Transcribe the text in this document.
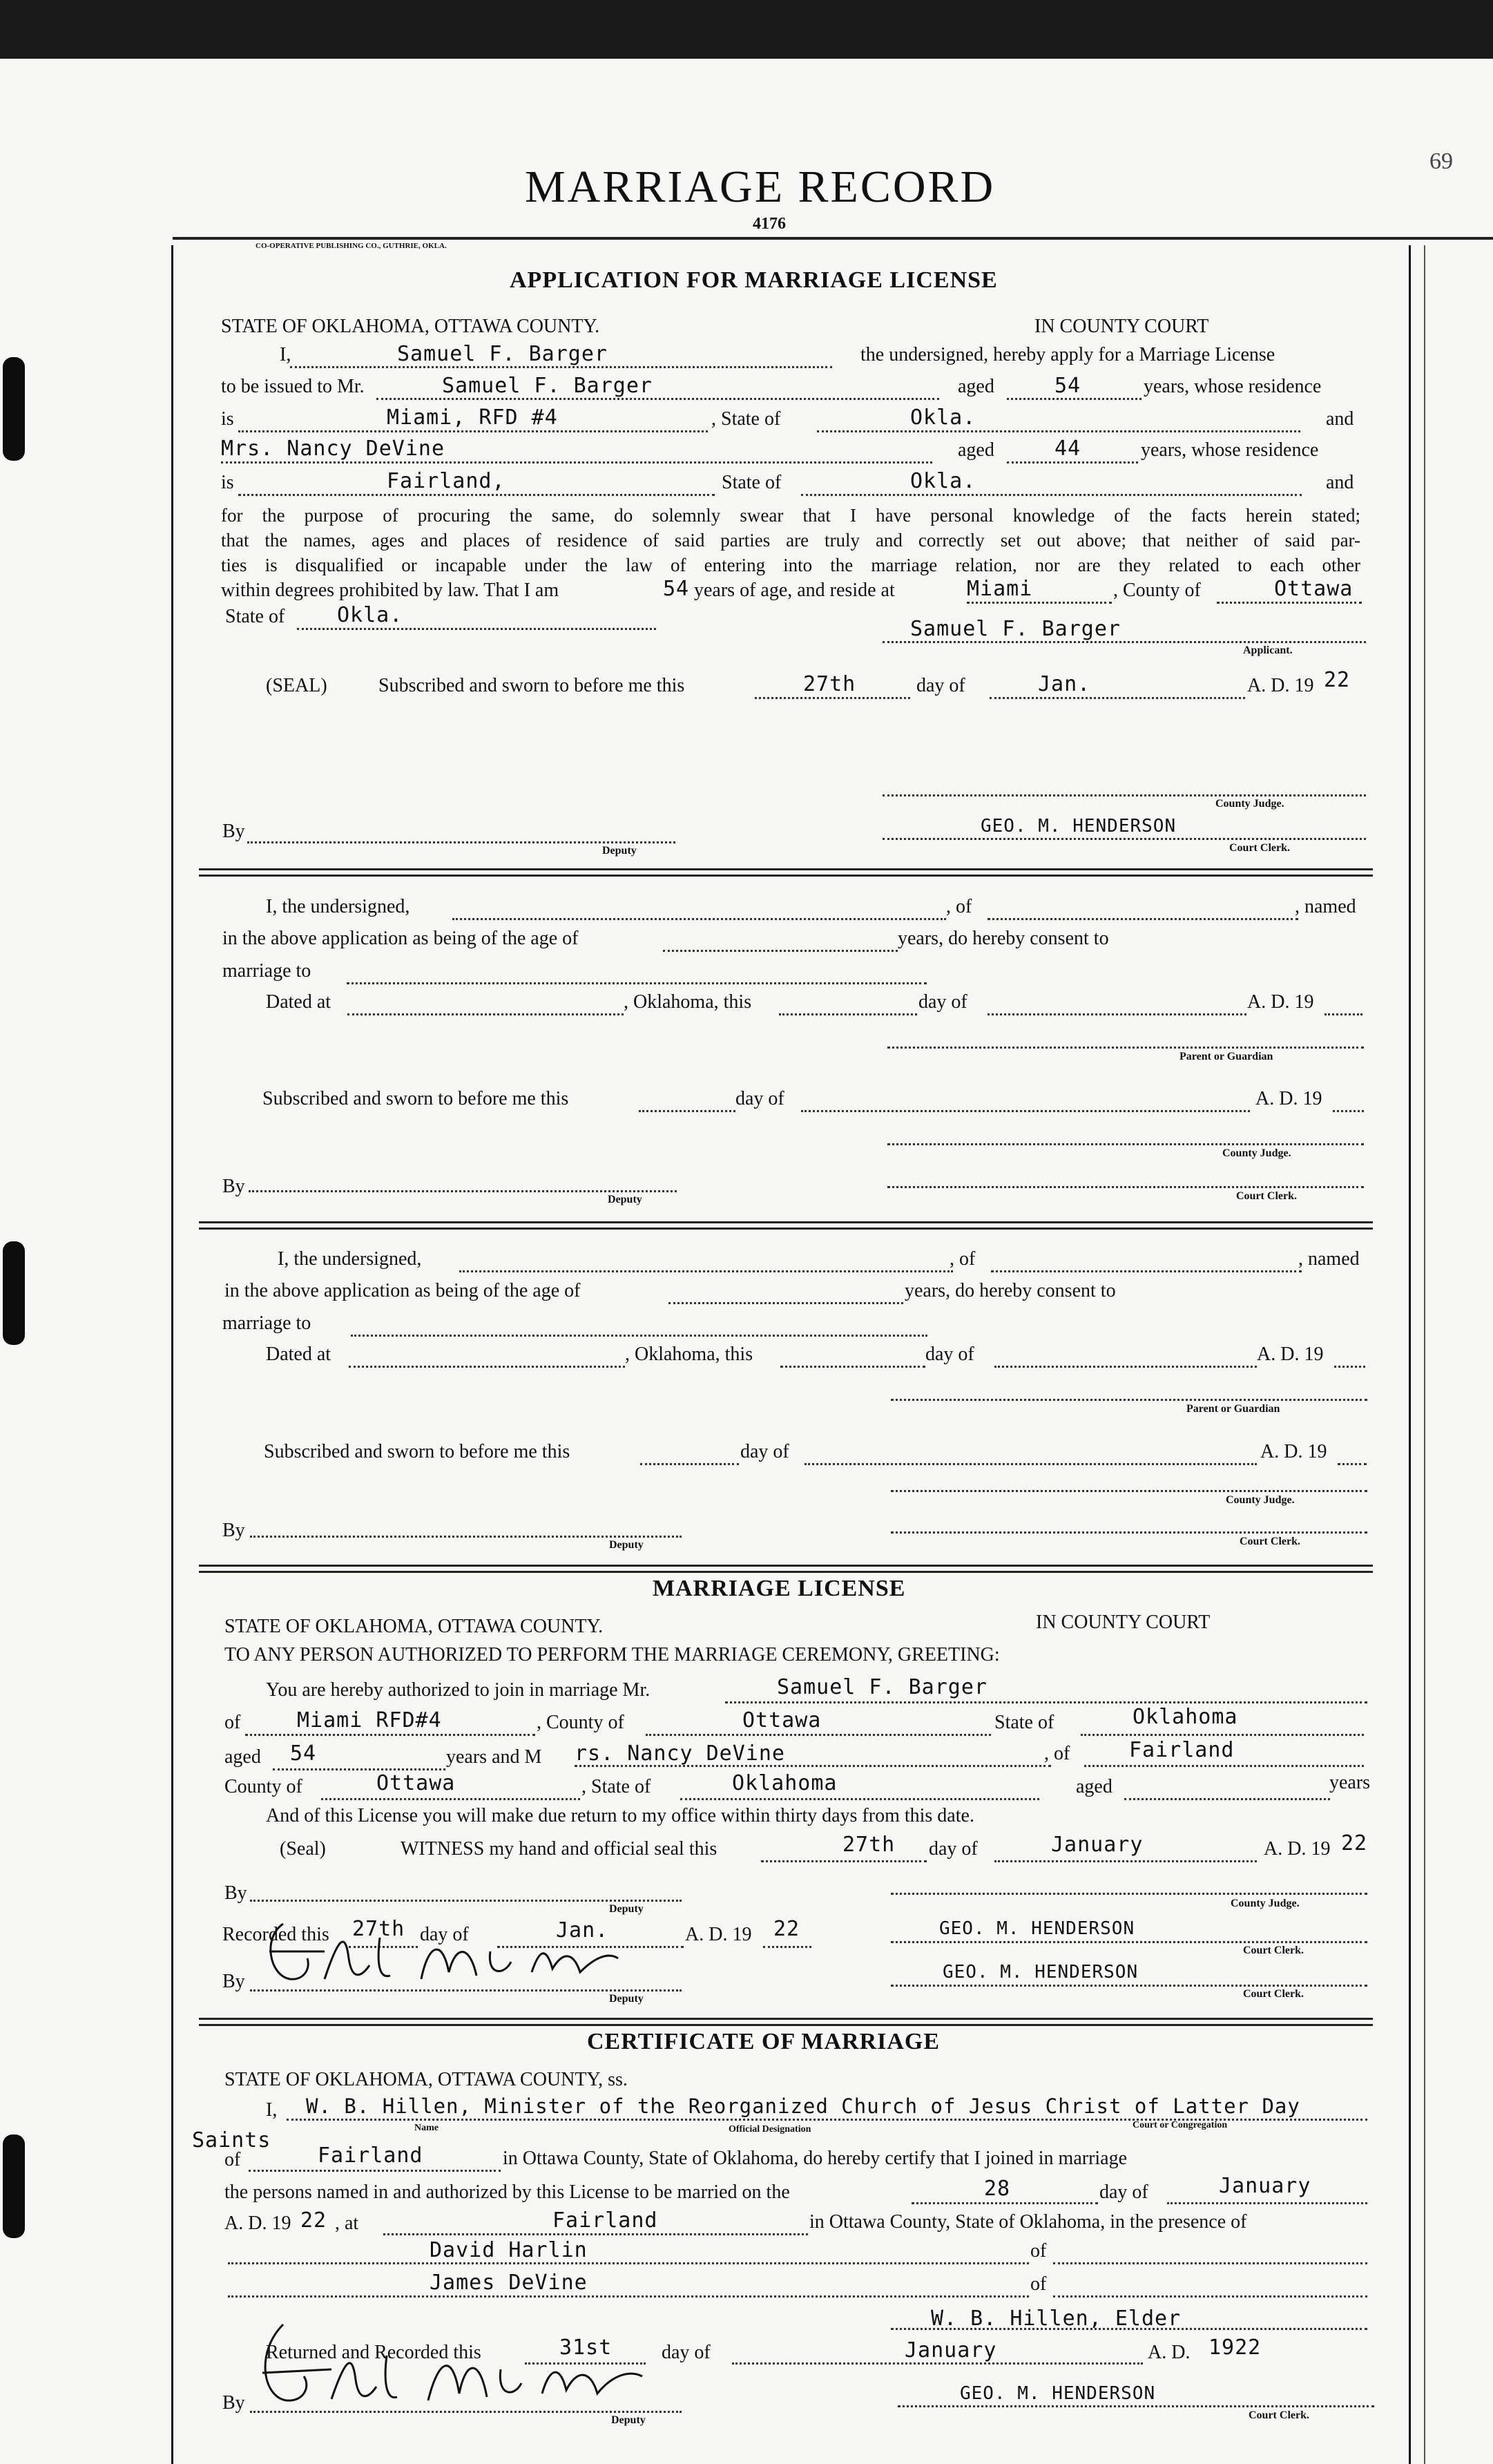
MARRIAGE RECORD
69
4176
CO-OPERATIVE PUBLISHING CO., GUTHRIE, OKLA.
APPLICATION FOR MARRIAGE LICENSE
STATE OF OKLAHOMA, OTTAWA COUNTY.	IN COUNTY COURT
I,	Samuel F. Barger	the undersigned, hereby apply for a Marriage License
to be issued to Mr.	Samuel F. Barger	aged	54	years, whose residence
is	Miami, RFD #4	, State of	Okla.	and
Mrs. Nancy DeVine	aged	44	years, whose residence
is	Fairland,	State of	Okla.	and
for the purpose of procuring the same, do solemnly swear that I have personal knowledge of the facts herein stated;
that the names, ages and places of residence of said parties are truly and correctly set out above; that neither of said par-
ties is disqualified or incapable under the law of entering into the marriage relation, nor are they related to each other
within degrees prohibited by law. That I am	54 years of age, and reside at	Miami	, County of	Ottawa
State of	Okla.
Samuel F. Barger
Applicant.
(SEAL)	Subscribed and sworn to before me this	27th	day of	Jan.	A. D. 19 22
County Judge.
By
Deputy
GEO. M. HENDERSON
Court Clerk.
I, the undersigned,	, of	, named
in the above application as being of the age of	years, do hereby consent to
marriage to
Dated at	, Oklahoma, this	day of	A. D. 19
Parent or Guardian
Subscribed and sworn to before me this	day of	A. D. 19
County Judge.
By
Deputy	Court Clerk.
I, the undersigned,	, of	, named
in the above application as being of the age of	years, do hereby consent to
marriage to
Dated at	, Oklahoma, this	day of	A. D. 19
Parent or Guardian
Subscribed and sworn to before me this	day of	A. D. 19
County Judge.
By
Deputy	Court Clerk.
MARRIAGE LICENSE
STATE OF OKLAHOMA, OTTAWA COUNTY.	IN COUNTY COURT
TO ANY PERSON AUTHORIZED TO PERFORM THE MARRIAGE CEREMONY, GREETING:
You are hereby authorized to join in marriage Mr.	Samuel F. Barger
of	Miami RFD#4	, County of	Ottawa	State of	Oklahoma
aged 54	years and M rs. Nancy DeVine	, of	Fairland
County of	Ottawa	, State of	Oklahoma	aged	years
And of this License you will make due return to my office within thirty days from this date.
(Seal)	WITNESS my hand and official seal this	27th day of	January	A. D. 19 22
By
Deputy	County Judge.
Recorded this 27th day of	Jan.	A. D. 19 22	GEO. M. HENDERSON
Court Clerk.
By
Deputy
GEO. M. HENDERSON
Court Clerk.
CERTIFICATE OF MARRIAGE
STATE OF OKLAHOMA, OTTAWA COUNTY, ss.
I, W. B. Hillen, Minister of the Reorganized Church of Jesus Christ of Latter Day
Name	Official Designation	Court or Congregation
Saints
of	Fairland	in Ottawa County, State of Oklahoma, do hereby certify that I joined in marriage
the persons named in and authorized by this License to be married on the	28	day of	January
A. D. 19 22 , at	Fairland	in Ottawa County, State of Oklahoma, in the presence of
David Harlin	of
James DeVine	of
W. B. Hillen, Elder
Returned and Recorded this	31st	day of	January	A. D. 1922
By
Deputy
GEO. M. HENDERSON
Court Clerk.
